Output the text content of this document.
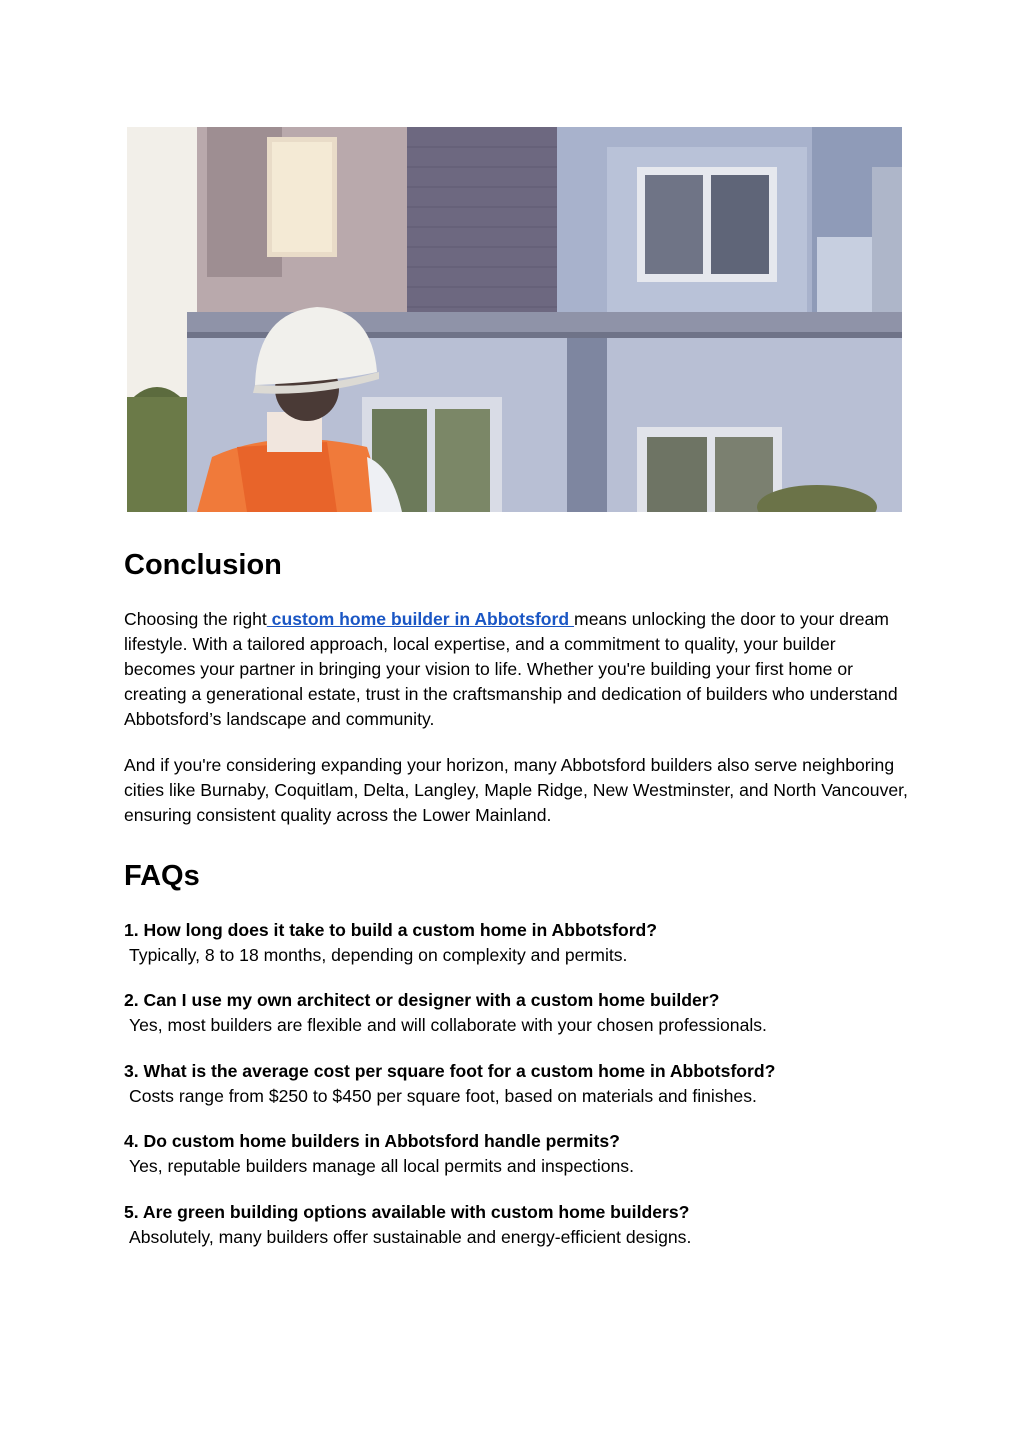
Conclusion

Choosing the right custom home builder in Abbotsford means unlocking the door to your dream lifestyle. With a tailored approach, local expertise, and a commitment to quality, your builder becomes your partner in bringing your vision to life. Whether you're building your first home or creating a generational estate, trust in the craftsmanship and dedication of builders who understand Abbotsford’s landscape and community.

And if you're considering expanding your horizon, many Abbotsford builders also serve neighboring cities like Burnaby, Coquitlam, Delta, Langley, Maple Ridge, New Westminster, and North Vancouver, ensuring consistent quality across the Lower Mainland.

FAQs
1. How long does it take to build a custom home in Abbotsford?
Typically, 8 to 18 months, depending on complexity and permits.
2. Can I use my own architect or designer with a custom home builder?
Yes, most builders are flexible and will collaborate with your chosen professionals.
3. What is the average cost per square foot for a custom home in Abbotsford?
Costs range from $250 to $450 per square foot, based on materials and finishes.
4. Do custom home builders in Abbotsford handle permits?
Yes, reputable builders manage all local permits and inspections.
5. Are green building options available with custom home builders?
Absolutely, many builders offer sustainable and energy-efficient designs.
